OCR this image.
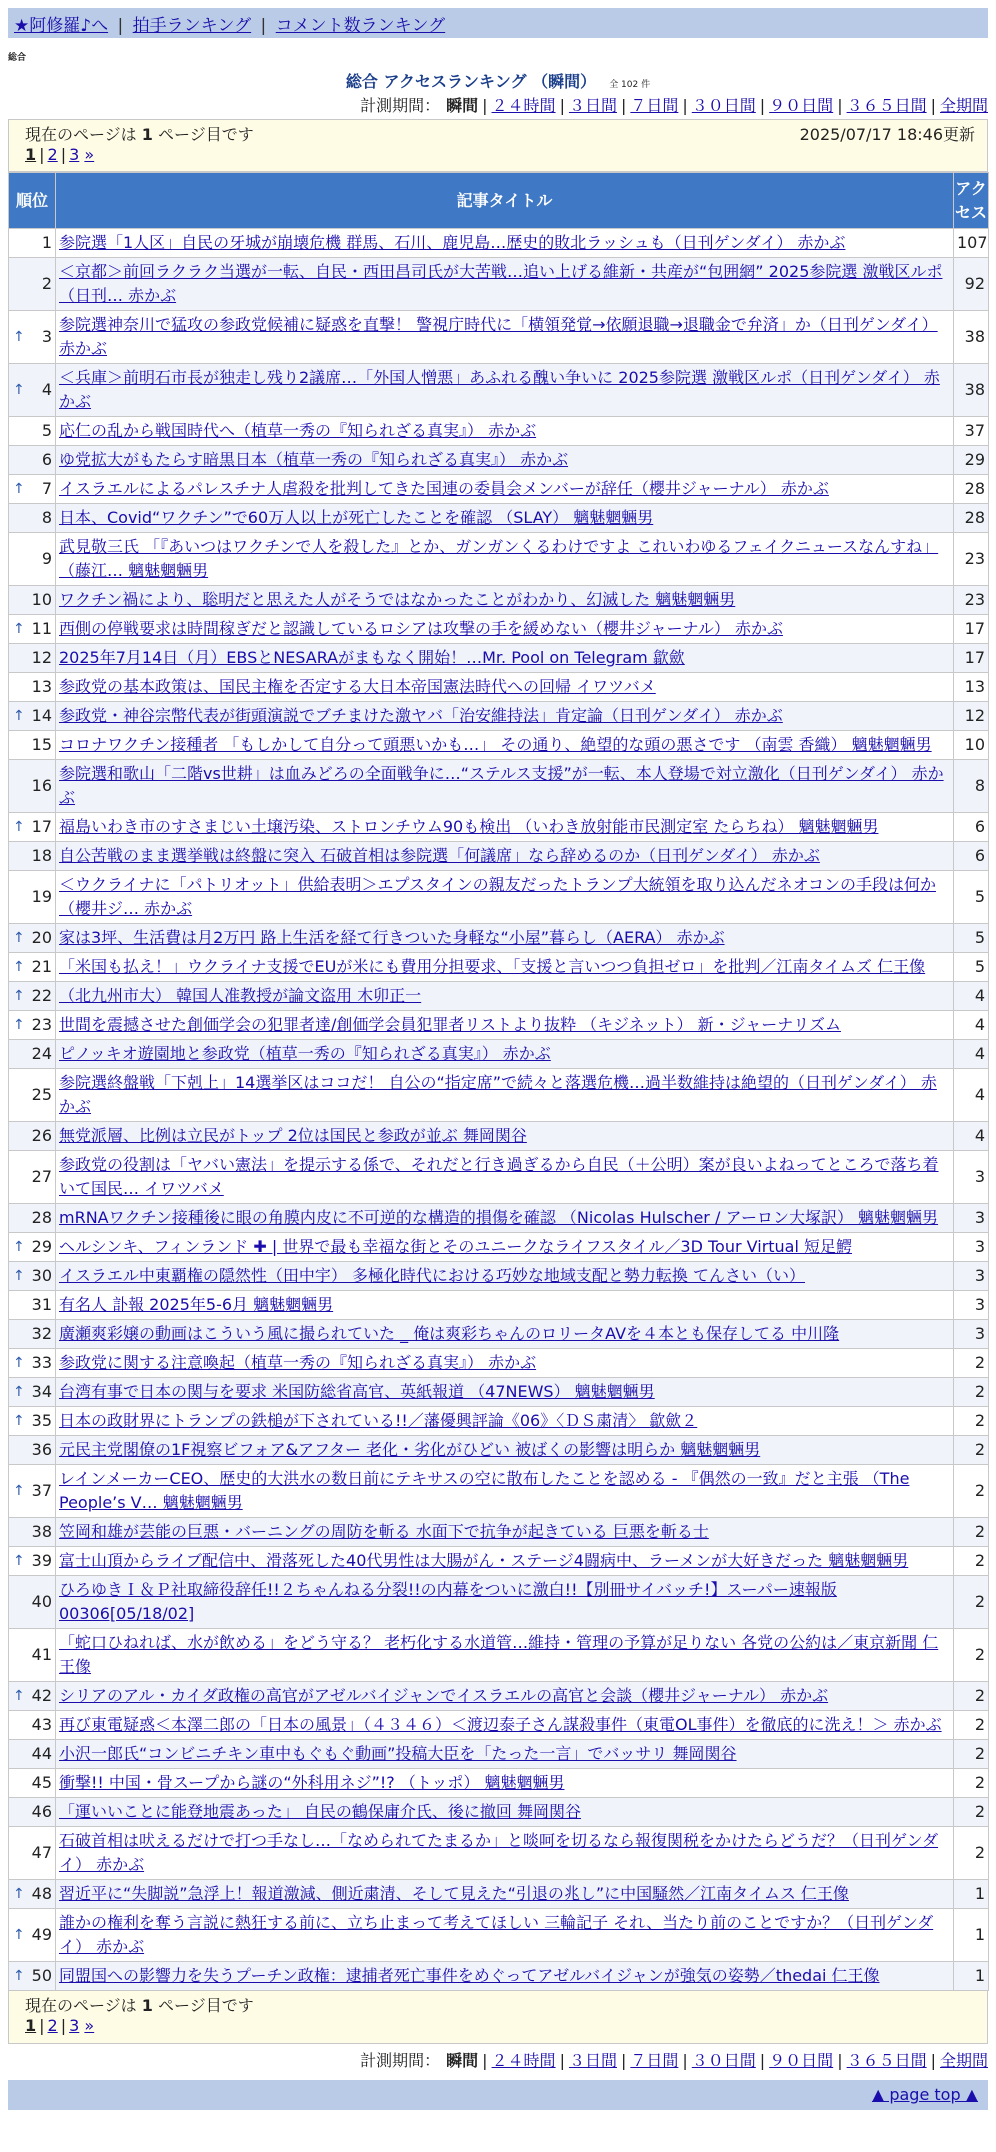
★阿修羅♪へ | 拍手ランキング | コメント数ランキング
総合
総合 アクセスランキング （瞬間） 全 102 件
計測期間： 瞬間 | ２４時間 | ３日間 | ７日間 | ３０日間 | ９０日間 | ３６５日間 | 全期間
現在のページは 1 ページ目です	2025/07/17 18:46更新
1 | 2 | 3 »
順位	記事タイトル	アクセス
1	参院選「1人区」自民の牙城が崩壊危機 群馬、石川、鹿児島…歴史的敗北ラッシュも（日刊ゲンダイ） 赤かぶ	107
2	＜京都＞前回ラクラク当選が一転、自民・西田昌司氏が大苦戦…追い上げる維新・共産が“包囲網” 2025参院選 激戦区ルポ（日刊… 赤かぶ	92

↑ 3	参院選神奈川で猛攻の参政党候補に疑惑を直撃！ 警視庁時代に「横領発覚→依願退職→退職金で弁済」か（日刊ゲンダイ） 赤かぶ	38

↑ 4	＜兵庫＞前明石市長が独走し残り2議席…「外国人憎悪」あふれる醜い争いに 2025参院選 激戦区ルポ（日刊ゲンダイ） 赤かぶ	38
5	応仁の乱から戦国時代へ（植草一秀の『知られざる真実』） 赤かぶ	37
6	ゆ党拡大がもたらす暗黒日本（植草一秀の『知られざる真実』） 赤かぶ	29

↑ 7	イスラエルによるパレスチナ人虐殺を批判してきた国連の委員会メンバーが辞任（櫻井ジャーナル） 赤かぶ	28
8	日本、Covid“ワクチン”で60万人以上が死亡したことを確認 （SLAY） 魑魅魍魎男	28
9	武見敬三氏 「『あいつはワクチンで人を殺した』とか、ガンガンくるわけですよ これいわゆるフェイクニュースなんすね」 （藤江… 魑魅魍魎男	23
10	ワクチン禍により、聡明だと思えた人がそうではなかったことがわかり、幻滅した 魑魅魍魎男	23

↑ 11	西側の停戦要求は時間稼ぎだと認識しているロシアは攻撃の手を緩めない（櫻井ジャーナル） 赤かぶ	17
12	2025年7月14日（月）EBSとNESARAがまもなく開始！…Mr. Pool on Telegram 歙歛	17
13	参政党の基本政策は、国民主権を否定する大日本帝国憲法時代への回帰 イワツバメ	13

↑ 14	参政党・神谷宗幣代表が街頭演説でブチまけた激ヤバ「治安維持法」肯定論（日刊ゲンダイ） 赤かぶ	12
15	コロナワクチン接種者 「もしかして自分って頭悪いかも…」 その通り、絶望的な頭の悪さです （南雲 香織） 魑魅魍魎男	10
16	参院選和歌山「二階vs世耕」は血みどろの全面戦争に…“ステルス支援”が一転、本人登場で対立激化（日刊ゲンダイ） 赤かぶ	8

↑ 17	福島いわき市のすさまじい土壌汚染、ストロンチウム90も検出 （いわき放射能市民測定室 たらちね） 魑魅魍魎男	6
18	自公苦戦のまま選挙戦は終盤に突入 石破首相は参院選「何議席」なら辞めるのか（日刊ゲンダイ） 赤かぶ	6
19	＜ウクライナに「パトリオット」供給表明＞エプスタインの親友だったトランプ大統領を取り込んだネオコンの手段は何か（櫻井ジ… 赤かぶ	5

↑ 20	家は3坪、生活費は月2万円 路上生活を経て行きついた身軽な“小屋”暮らし（AERA） 赤かぶ	5

↑ 21	「米国も払え！」ウクライナ支援でEUが米にも費用分担要求、「支援と言いつつ負担ゼロ」を批判／江南タイムズ 仁王像	5

↑ 22	（北九州市大） 韓国人准教授が論文盗用 木卯正一	4

↑ 23	世間を震撼させた創価学会の犯罪者達/創価学会員犯罪者リストより抜粋 （キジネット） 新・ジャーナリズム	4
24	ピノッキオ遊園地と参政党（植草一秀の『知られざる真実』） 赤かぶ	4
25	参院選終盤戦「下剋上」14選挙区はココだ！ 自公の“指定席”で続々と落選危機…過半数維持は絶望的（日刊ゲンダイ） 赤かぶ	4
26	無党派層、比例は立民がトップ 2位は国民と参政が並ぶ 舞岡関谷	4
27	参政党の役割は「ヤバい憲法」を提示する係で、それだと行き過ぎるから自民（＋公明）案が良いよねってところで落ち着いて国民… イワツバメ	3
28	mRNAワクチン接種後に眼の角膜内皮に不可逆的な構造的損傷を確認 （Nicolas Hulscher / アーロン大塚訳） 魑魅魍魎男	3

↑ 29	ヘルシンキ、フィンランド ✚ | 世界で最も幸福な街とそのユニークなライフスタイル／3D Tour Virtual 短足鰐	3

↑ 30	イスラエル中東覇権の隠然性（田中宇） 多極化時代における巧妙な地域支配と勢力転換 てんさい（い）	3
31	有名人 訃報 2025年5-6月 魑魅魍魎男	3
32	廣瀬爽彩嬢の動画はこういう風に撮られていた _ 俺は爽彩ちゃんのロリータAVを４本とも保存してる 中川隆	3

↑ 33	参政党に関する注意喚起（植草一秀の『知られざる真実』） 赤かぶ	2

↑ 34	台湾有事で日本の関与を要求 米国防総省高官、英紙報道 （47NEWS） 魑魅魍魎男	2

↑ 35	日本の政財界にトランプの鉄槌が下されている!!／藩優興評論《06》〈ＤＳ粛清〉 歙歛２	2
36	元民主党閣僚の1F視察ビフォア&アフター 老化・劣化がひどい 被ばくの影響は明らか 魑魅魍魎男	2

↑ 37	レインメーカーCEO、歴史的大洪水の数日前にテキサスの空に散布したことを認める - 『偶然の一致』だと主張 （The People’s V… 魑魅魍魎男	2
38	笠岡和雄が芸能の巨悪・バーニングの周防を斬る 水面下で抗争が起きている 巨悪を斬る士	2

↑ 39	富士山頂からライブ配信中、滑落死した40代男性は大腸がん・ステージ4闘病中、ラーメンが大好きだった 魑魅魍魎男	2
40	ひろゆきＩ＆Ｐ社取締役辞任!!２ちゃんねる分裂!!の内幕をついに激白!!【別冊サイバッチ!】スーパー速報版00306[05/18/02]	2
41	「蛇口ひねれば、水が飲める」をどう守る？ 老朽化する水道管…維持・管理の予算が足りない 各党の公約は／東京新聞 仁王像	2

↑ 42	シリアのアル・カイダ政権の高官がアゼルバイジャンでイスラエルの高官と会談（櫻井ジャーナル） 赤かぶ	2
43	再び東電疑惑＜本澤二郎の「日本の風景」（４３４６）＜渡辺泰子さん謀殺事件（東電OL事件）を徹底的に洗え！＞ 赤かぶ	2
44	小沢一郎氏“コンビニチキン車中もぐもぐ動画”投稿大臣を「たった一言」でバッサリ 舞岡関谷	2
45	衝撃!! 中国・骨スープから謎の“外科用ネジ”!? （トッポ） 魑魅魍魎男	2
46	「運いいことに能登地震あった」 自民の鶴保庸介氏、後に撤回 舞岡関谷	2
47	石破首相は吠えるだけで打つ手なし…「なめられてたまるか」と啖呵を切るなら報復関税をかけたらどうだ？（日刊ゲンダイ） 赤かぶ	2

↑ 48	習近平に“失脚説”急浮上！報道激減、側近粛清、そして見えた“引退の兆し”に中国騒然／江南タイムス 仁王像	1

↑ 49	誰かの権利を奪う言説に熱狂する前に、立ち止まって考えてほしい 三輪記子 それ、当たり前のことですか？（日刊ゲンダイ） 赤かぶ	1

↑ 50	同盟国への影響力を失うプーチン政権：逮捕者死亡事件をめぐってアゼルバイジャンが強気の姿勢／thedai 仁王像	1
現在のページは 1 ページ目です
1 | 2 | 3 »
計測期間： 瞬間 | ２４時間 | ３日間 | ７日間 | ３０日間 | ９０日間 | ３６５日間 | 全期間
▲ page top ▲
